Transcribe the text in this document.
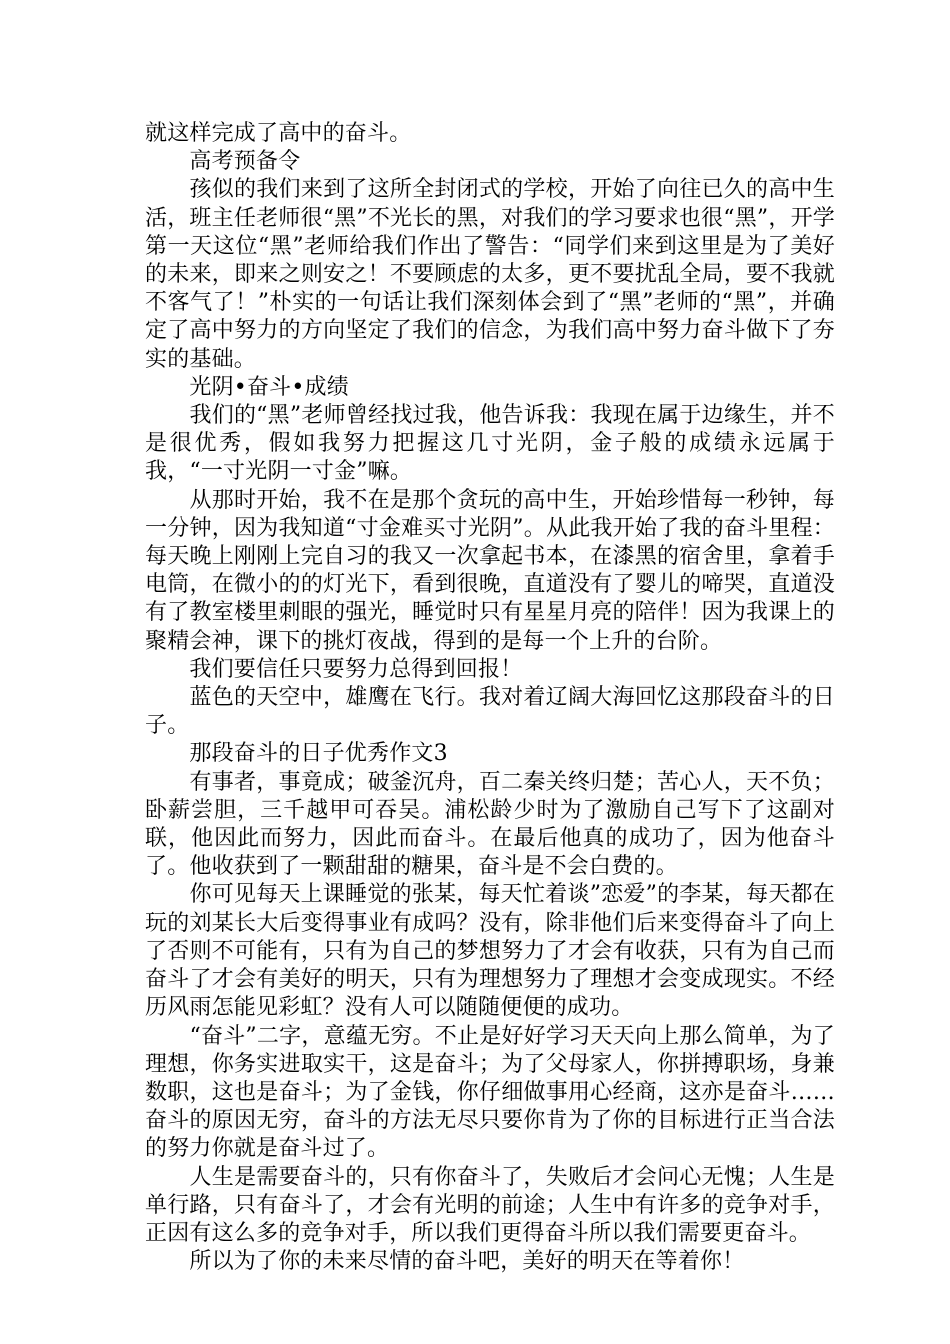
就这样完成了高中的奋斗。

　　高考预备令

　　孩似的我们来到了这所全封闭式的学校，开始了向往已久的高中生活，班主任老师很“黑”不光长的黑，对我们的学习要求也很“黑”，开学第一天这位“黑”老师给我们作出了警告：“同学们来到这里是为了美好的未来，即来之则安之！不要顾虑的太多，更不要扰乱全局，要不我就不客气了！”朴实的一句话让我们深刻体会到了“黑”老师的“黑”，并确定了高中努力的方向坚定了我们的信念，为我们高中努力奋斗做下了夯实的基础。

　　光阴•奋斗•成绩

　　我们的“黑”老师曾经找过我，他告诉我：我现在属于边缘生，并不是很优秀，假如我努力把握这几寸光阴，金子般的成绩永远属于我，“一寸光阴一寸金”嘛。

　　从那时开始，我不在是那个贪玩的高中生，开始珍惜每一秒钟，每一分钟，因为我知道“寸金难买寸光阴”。从此我开始了我的奋斗里程：每天晚上刚刚上完自习的我又一次拿起书本，在漆黑的宿舍里，拿着手电筒，在微小的的灯光下，看到很晚，直道没有了婴儿的啼哭，直道没有了教室楼里刺眼的强光，睡觉时只有星星月亮的陪伴！因为我课上的聚精会神，课下的挑灯夜战，得到的是每一个上升的台阶。

　　我们要信任只要努力总得到回报！

　　蓝色的天空中，雄鹰在飞行。我对着辽阔大海回忆这那段奋斗的日子。

　　那段奋斗的日子优秀作文3

　　有事者，事竟成；破釜沉舟，百二秦关终归楚；苦心人，天不负；卧薪尝胆，三千越甲可吞吴。浦松龄少时为了激励自己写下了这副对联，他因此而努力，因此而奋斗。在最后他真的成功了，因为他奋斗了。他收获到了一颗甜甜的糖果，奋斗是不会白费的。

　　你可见每天上课睡觉的张某，每天忙着谈”恋爱”的李某，每天都在玩的刘某长大后变得事业有成吗？没有，除非他们后来变得奋斗了向上了否则不可能有，只有为自己的梦想努力了才会有收获，只有为自己而奋斗了才会有美好的明天，只有为理想努力了理想才会变成现实。不经历风雨怎能见彩虹？没有人可以随随便便的成功。

　　“奋斗”二字，意蕴无穷。不止是好好学习天天向上那么简单，为了理想，你务实进取实干，这是奋斗；为了父母家人，你拼搏职场，身兼数职，这也是奋斗；为了金钱，你仔细做事用心经商，这亦是奋斗……奋斗的原因无穷，奋斗的方法无尽只要你肯为了你的目标进行正当合法的努力你就是奋斗过了。

　　人生是需要奋斗的，只有你奋斗了，失败后才会问心无愧；人生是单行路，只有奋斗了，才会有光明的前途；人生中有许多的竞争对手，正因有这么多的竞争对手，所以我们更得奋斗所以我们需要更奋斗。

　　所以为了你的未来尽情的奋斗吧，美好的明天在等着你！
